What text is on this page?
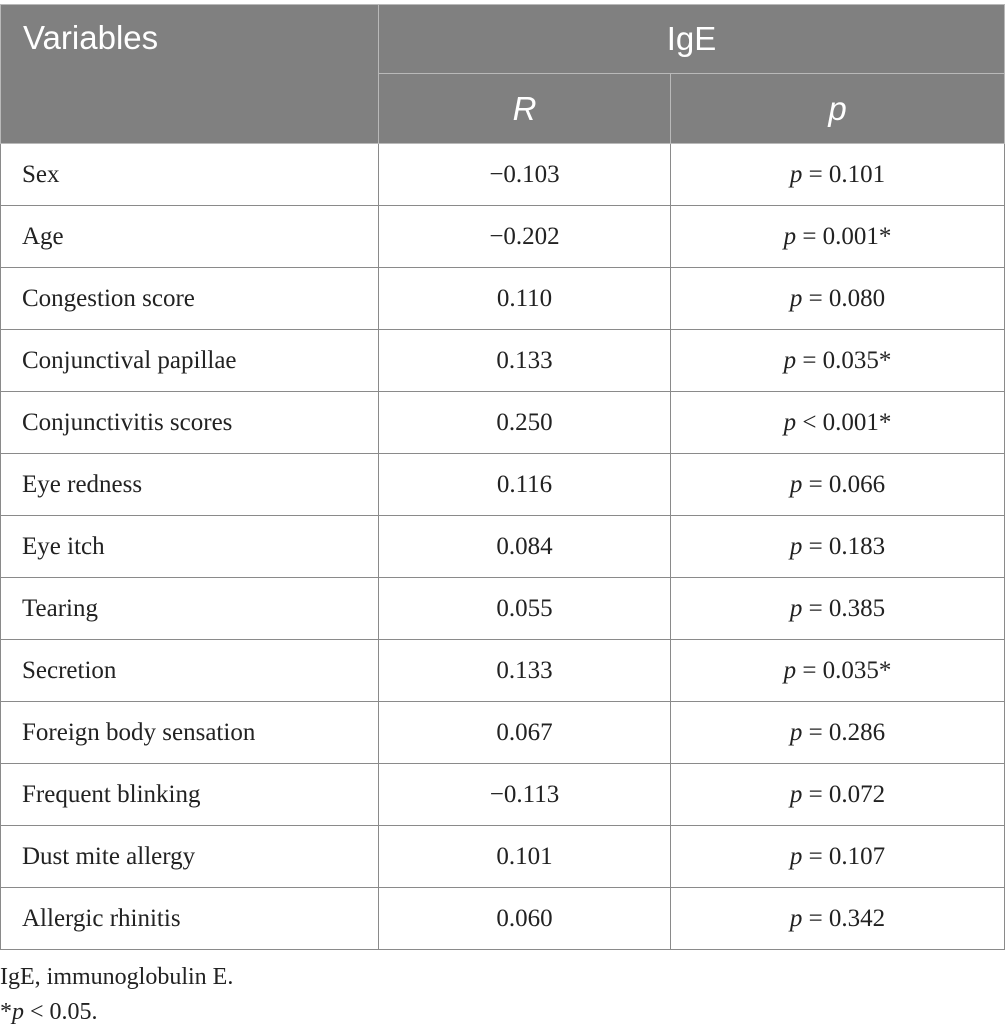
Variables	IgE	
	R	p
Sex	−0.103	p = 0.101
Age	−0.202	p = 0.001*
Congestion score	0.110	p = 0.080
Conjunctival papillae	0.133	p = 0.035*
Conjunctivitis scores	0.250	p < 0.001*
Eye redness	0.116	p = 0.066
Eye itch	0.084	p = 0.183
Tearing	0.055	p = 0.385
Secretion	0.133	p = 0.035*
Foreign body sensation	0.067	p = 0.286
Frequent blinking	−0.113	p = 0.072
Dust mite allergy	0.101	p = 0.107
Allergic rhinitis	0.060	p = 0.342
IgE, immunoglobulin E.
*p < 0.05.
